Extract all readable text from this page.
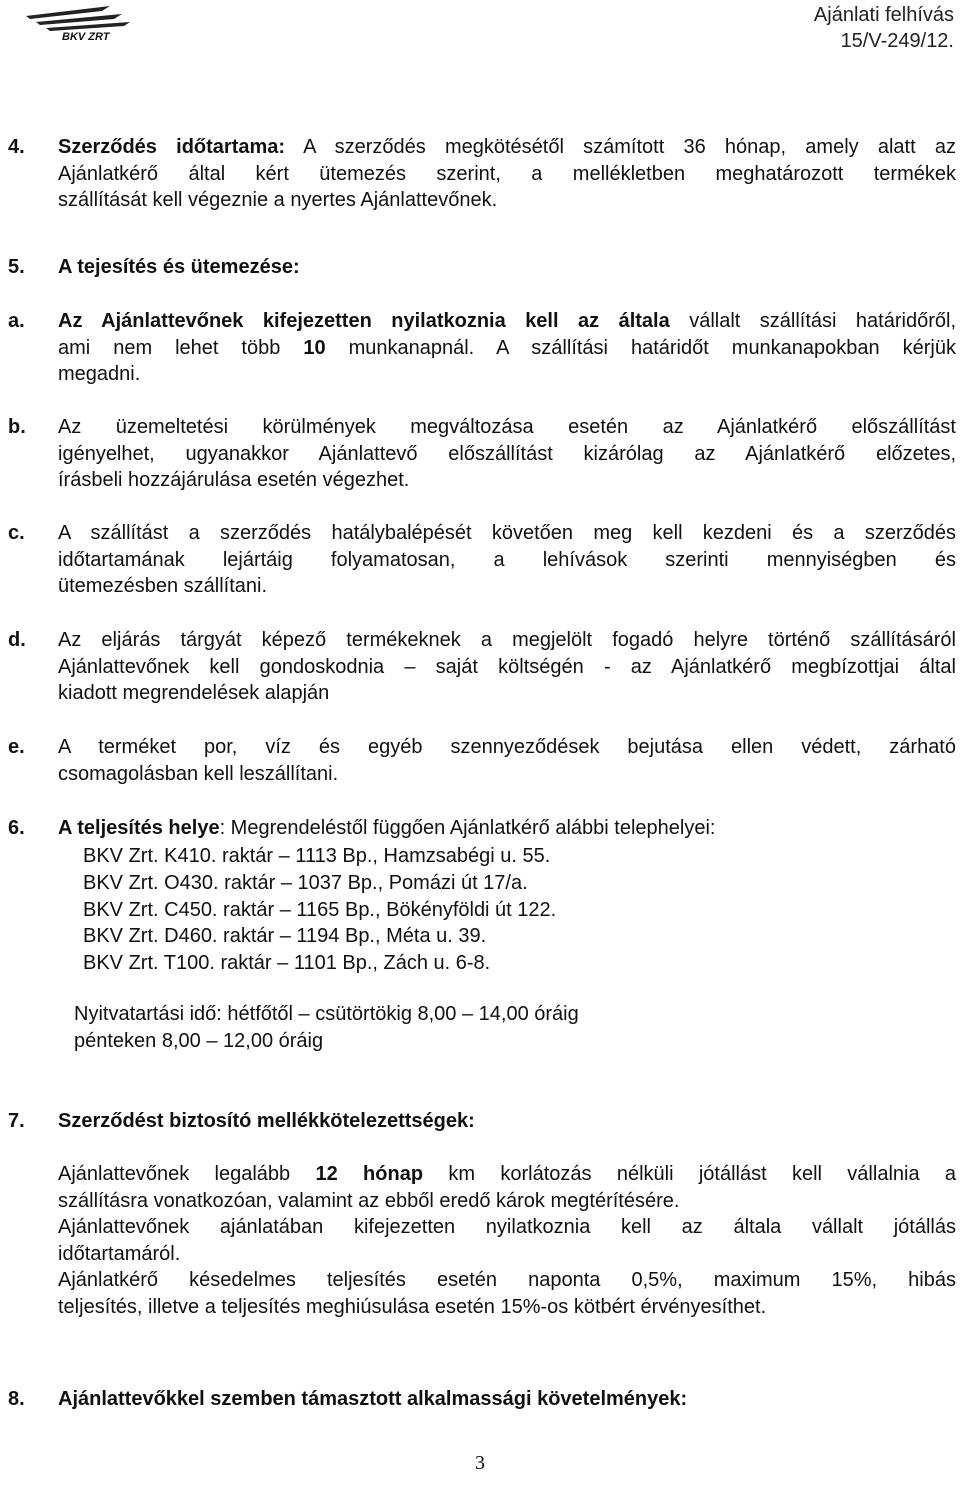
BKV ZRT
Ajánlati felhívás
15/V-249/12.
4. Szerződés időtartama: A szerződés megkötésétől számított 36 hónap, amely alatt az
Ajánlatkérő által kért ütemezés szerint, a mellékletben meghatározott termékek
szállítását kell végeznie a nyertes Ajánlattevőnek.
5. A tejesítés és ütemezése:
a. Az Ajánlattevőnek kifejezetten nyilatkoznia kell az általa vállalt szállítási határidőről,
ami nem lehet több 10 munkanapnál. A szállítási határidőt munkanapokban kérjük
megadni.
b. Az üzemeltetési körülmények megváltozása esetén az Ajánlatkérő előszállítást
igényelhet, ugyanakkor Ajánlattevő előszállítást kizárólag az Ajánlatkérő előzetes,
írásbeli hozzájárulása esetén végezhet.
c. A szállítást a szerződés hatálybalépését követően meg kell kezdeni és a szerződés
időtartamának lejártáig folyamatosan, a lehívások szerinti mennyiségben és
ütemezésben szállítani.
d. Az eljárás tárgyát képező termékeknek a megjelölt fogadó helyre történő szállításáról
Ajánlattevőnek kell gondoskodnia – saját költségén - az Ajánlatkérő megbízottjai által
kiadott megrendelések alapján
e. A terméket por, víz és egyéb szennyeződések bejutása ellen védett, zárható
csomagolásban kell leszállítani.
6. A teljesítés helye: Megrendeléstől függően Ajánlatkérő alábbi telephelyei:
BKV Zrt. K410. raktár – 1113 Bp., Hamzsabégi u. 55.
BKV Zrt. O430. raktár – 1037 Bp., Pomázi út 17/a.
BKV Zrt. C450. raktár – 1165 Bp., Bökényföldi út 122.
BKV Zrt. D460. raktár – 1194 Bp., Méta u. 39.
BKV Zrt. T100. raktár – 1101 Bp., Zách u. 6-8.
Nyitvatartási idő: hétfőtől – csütörtökig 8,00 – 14,00 óráig
pénteken 8,00 – 12,00 óráig
7. Szerződést biztosító mellékkötelezettségek:
Ajánlattevőnek legalább 12 hónap km korlátozás nélküli jótállást kell vállalnia a
szállításra vonatkozóan, valamint az ebből eredő károk megtérítésére.
Ajánlattevőnek ajánlatában kifejezetten nyilatkoznia kell az általa vállalt jótállás
időtartamáról.
Ajánlatkérő késedelmes teljesítés esetén naponta 0,5%, maximum 15%, hibás
teljesítés, illetve a teljesítés meghiúsulása esetén 15%-os kötbért érvényesíthet.
8. Ajánlattevőkkel szemben támasztott alkalmassági követelmények:
3
